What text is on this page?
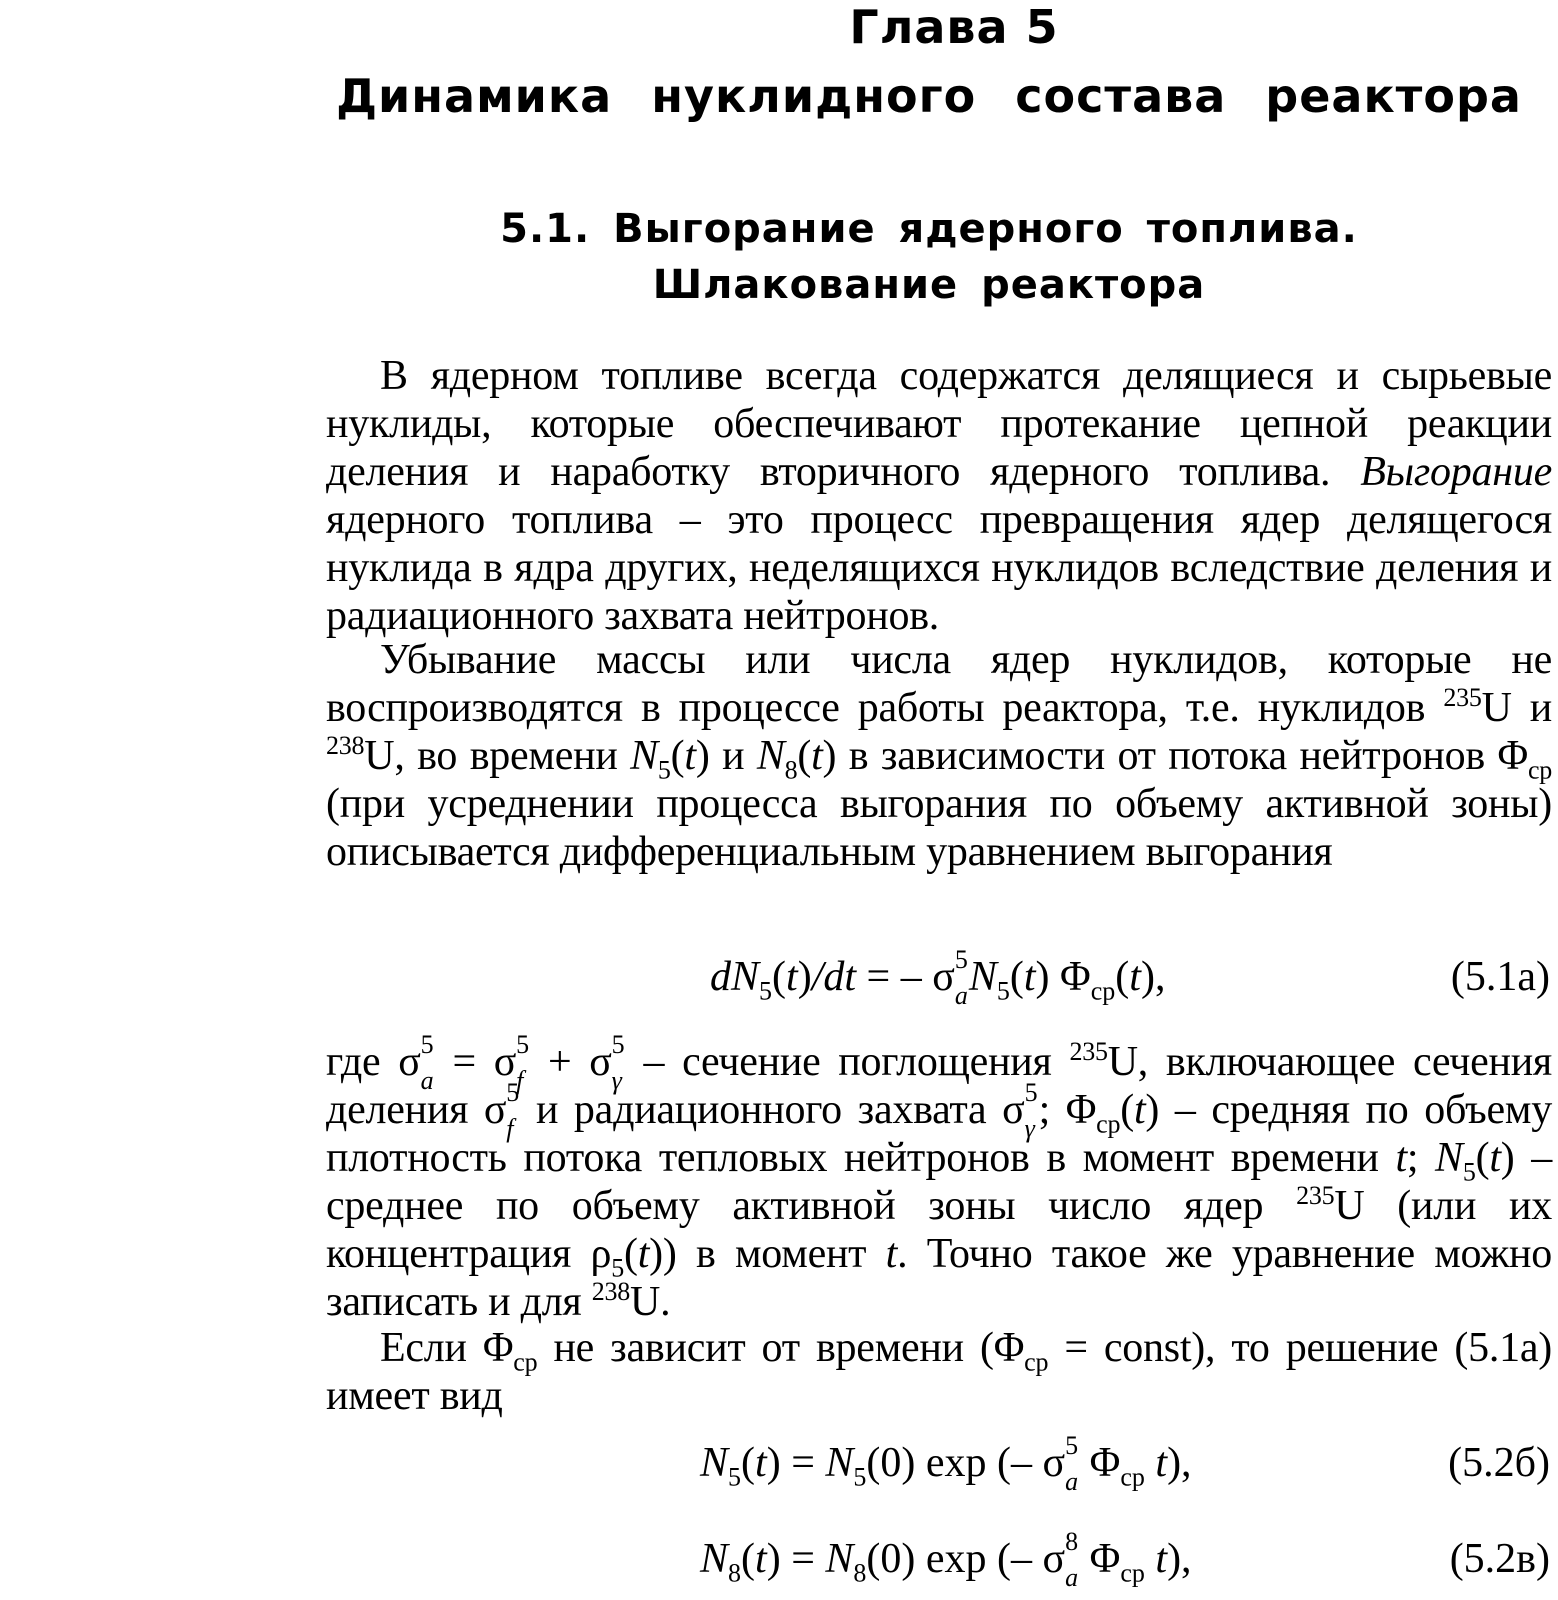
Глава 5
Динамика нуклидного состава реактора
5.1. Выгорание ядерного топлива.
Шлакование реактора

В ядерном топливе всегда содержатся делящиеся и сырьевые нуклиды, которые обеспечивают протекание цепной реакции деления и наработку вторичного ядерного топлива. Выгорание ядерного топлива – это процесс превращения ядер делящегося нуклида в ядра других, неделящихся нуклидов вследствие деления и радиационного захвата нейтронов.

Убывание массы или числа ядер нуклидов, которые не воспроизводятся в процессе работы реактора, т.е. нуклидов $^{235}$U и $^{238}$U, во времени $N_5(t)$ и $N_8(t)$ в зависимости от потока нейтронов $\Phi_{ср}$ (при усреднении процесса выгорания по объему активной зоны) описывается дифференциальным уравнением выгорания

$dN_5(t)/dt$ = – σ 5
a $N_5(t)$ $\Phi_{ср}(t)$,	(5.1а)

где σ 5
a = σ 5
f + σ 5
γ – сечение поглощения $^{235}$U, включающее сечения деления σ 5
f и радиационного захвата σ 5
γ ; $\Phi_{ср}(t)$ – средняя по объему плотность потока тепловых нейтронов в момент времени t; $N_5(t)$ – среднее по объему активной зоны число ядер $^{235}$U (или их концентрация $\rho_5(t)$) в момент t. Точно такое же уравнение можно записать и для $^{238}$U.

Если $\Phi_{ср}$ не зависит от времени ($\Phi_{ср}$ = const), то решение (5.1а) имеет вид

$N_5(t) = N_5(0)$ exp (– σ 5
a $\Phi_{ср}$ t),	(5.2б)
$N_8(t) = N_8(0)$ exp (– σ 8
a $\Phi_{ср}$ t),	(5.2в)
